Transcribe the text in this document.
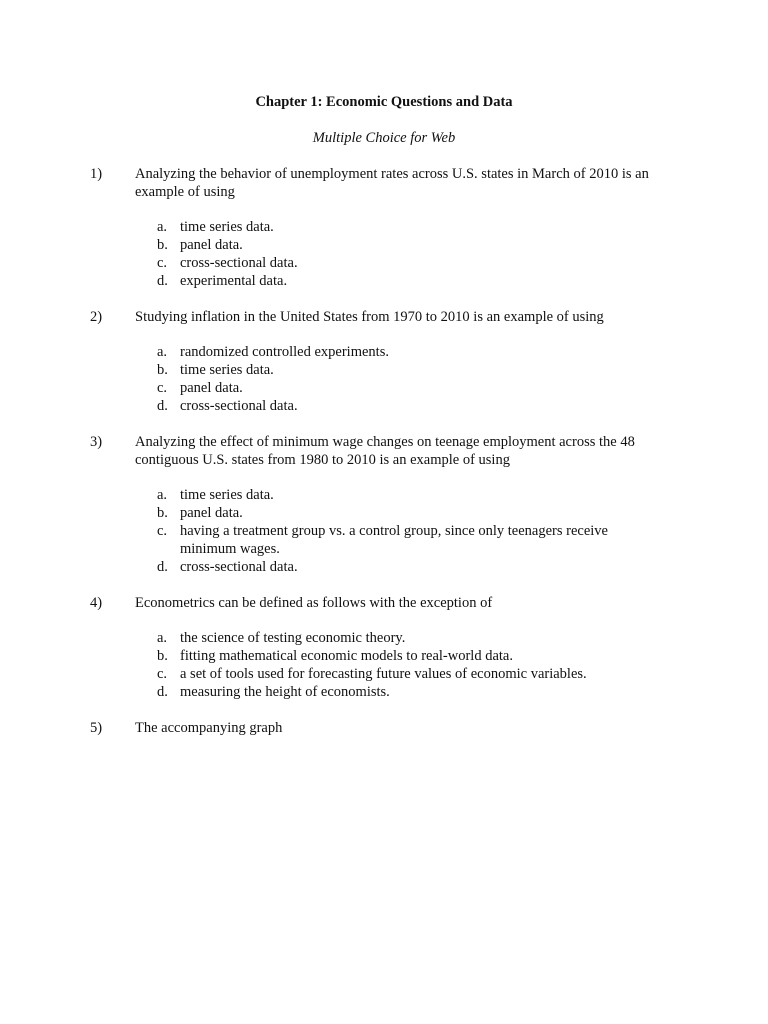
Chapter 1: Economic Questions and Data
Multiple Choice for Web
1) Analyzing the behavior of unemployment rates across U.S. states in March of 2010 is an example of using
a. time series data.
b. panel data.
c. cross-sectional data.
d. experimental data.
2) Studying inflation in the United States from 1970 to 2010 is an example of using
a. randomized controlled experiments.
b. time series data.
c. panel data.
d. cross-sectional data.
3) Analyzing the effect of minimum wage changes on teenage employment across the 48 contiguous U.S. states from 1980 to 2010 is an example of using
a. time series data.
b. panel data.
c. having a treatment group vs. a control group, since only teenagers receive minimum wages.
d. cross-sectional data.
4) Econometrics can be defined as follows with the exception of
a. the science of testing economic theory.
b. fitting mathematical economic models to real-world data.
c. a set of tools used for forecasting future values of economic variables.
d. measuring the height of economists.
5) The accompanying graph
